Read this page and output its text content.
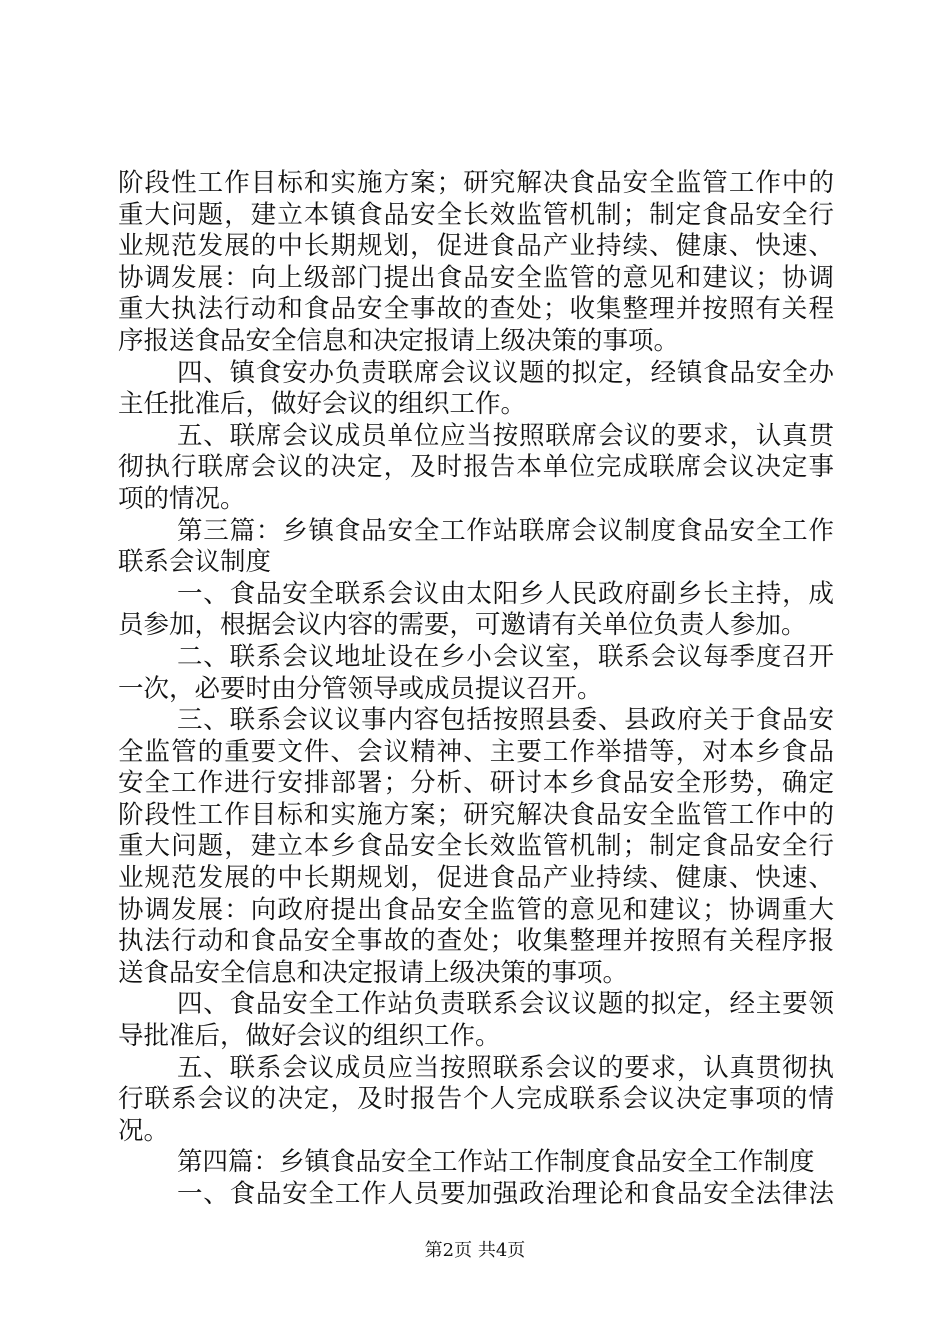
阶段性工作目标和实施方案；研究解决食品安全监管工作中的
重大问题，建立本镇食品安全长效监管机制；制定食品安全行
业规范发展的中长期规划，促进食品产业持续、健康、快速、
协调发展：向上级部门提出食品安全监管的意见和建议；协调
重大执法行动和食品安全事故的查处；收集整理并按照有关程
序报送食品安全信息和决定报请上级决策的事项。
四、镇食安办负责联席会议议题的拟定，经镇食品安全办
主任批准后，做好会议的组织工作。
五、联席会议成员单位应当按照联席会议的要求，认真贯
彻执行联席会议的决定，及时报告本单位完成联席会议决定事
项的情况。
第三篇：乡镇食品安全工作站联席会议制度食品安全工作
联系会议制度
一、食品安全联系会议由太阳乡人民政府副乡长主持，成
员参加，根据会议内容的需要，可邀请有关单位负责人参加。
二、联系会议地址设在乡小会议室，联系会议每季度召开
一次，必要时由分管领导或成员提议召开。
三、联系会议议事内容包括按照县委、县政府关于食品安
全监管的重要文件、会议精神、主要工作举措等，对本乡食品
安全工作进行安排部署；分析、研讨本乡食品安全形势，确定
阶段性工作目标和实施方案；研究解决食品安全监管工作中的
重大问题，建立本乡食品安全长效监管机制；制定食品安全行
业规范发展的中长期规划，促进食品产业持续、健康、快速、
协调发展：向政府提出食品安全监管的意见和建议；协调重大
执法行动和食品安全事故的查处；收集整理并按照有关程序报
送食品安全信息和决定报请上级决策的事项。
四、食品安全工作站负责联系会议议题的拟定，经主要领
导批准后，做好会议的组织工作。
五、联系会议成员应当按照联系会议的要求，认真贯彻执
行联系会议的决定，及时报告个人完成联系会议决定事项的情
况。
第四篇：乡镇食品安全工作站工作制度食品安全工作制度
一、食品安全工作人员要加强政治理论和食品安全法律法
第2页 共4页
